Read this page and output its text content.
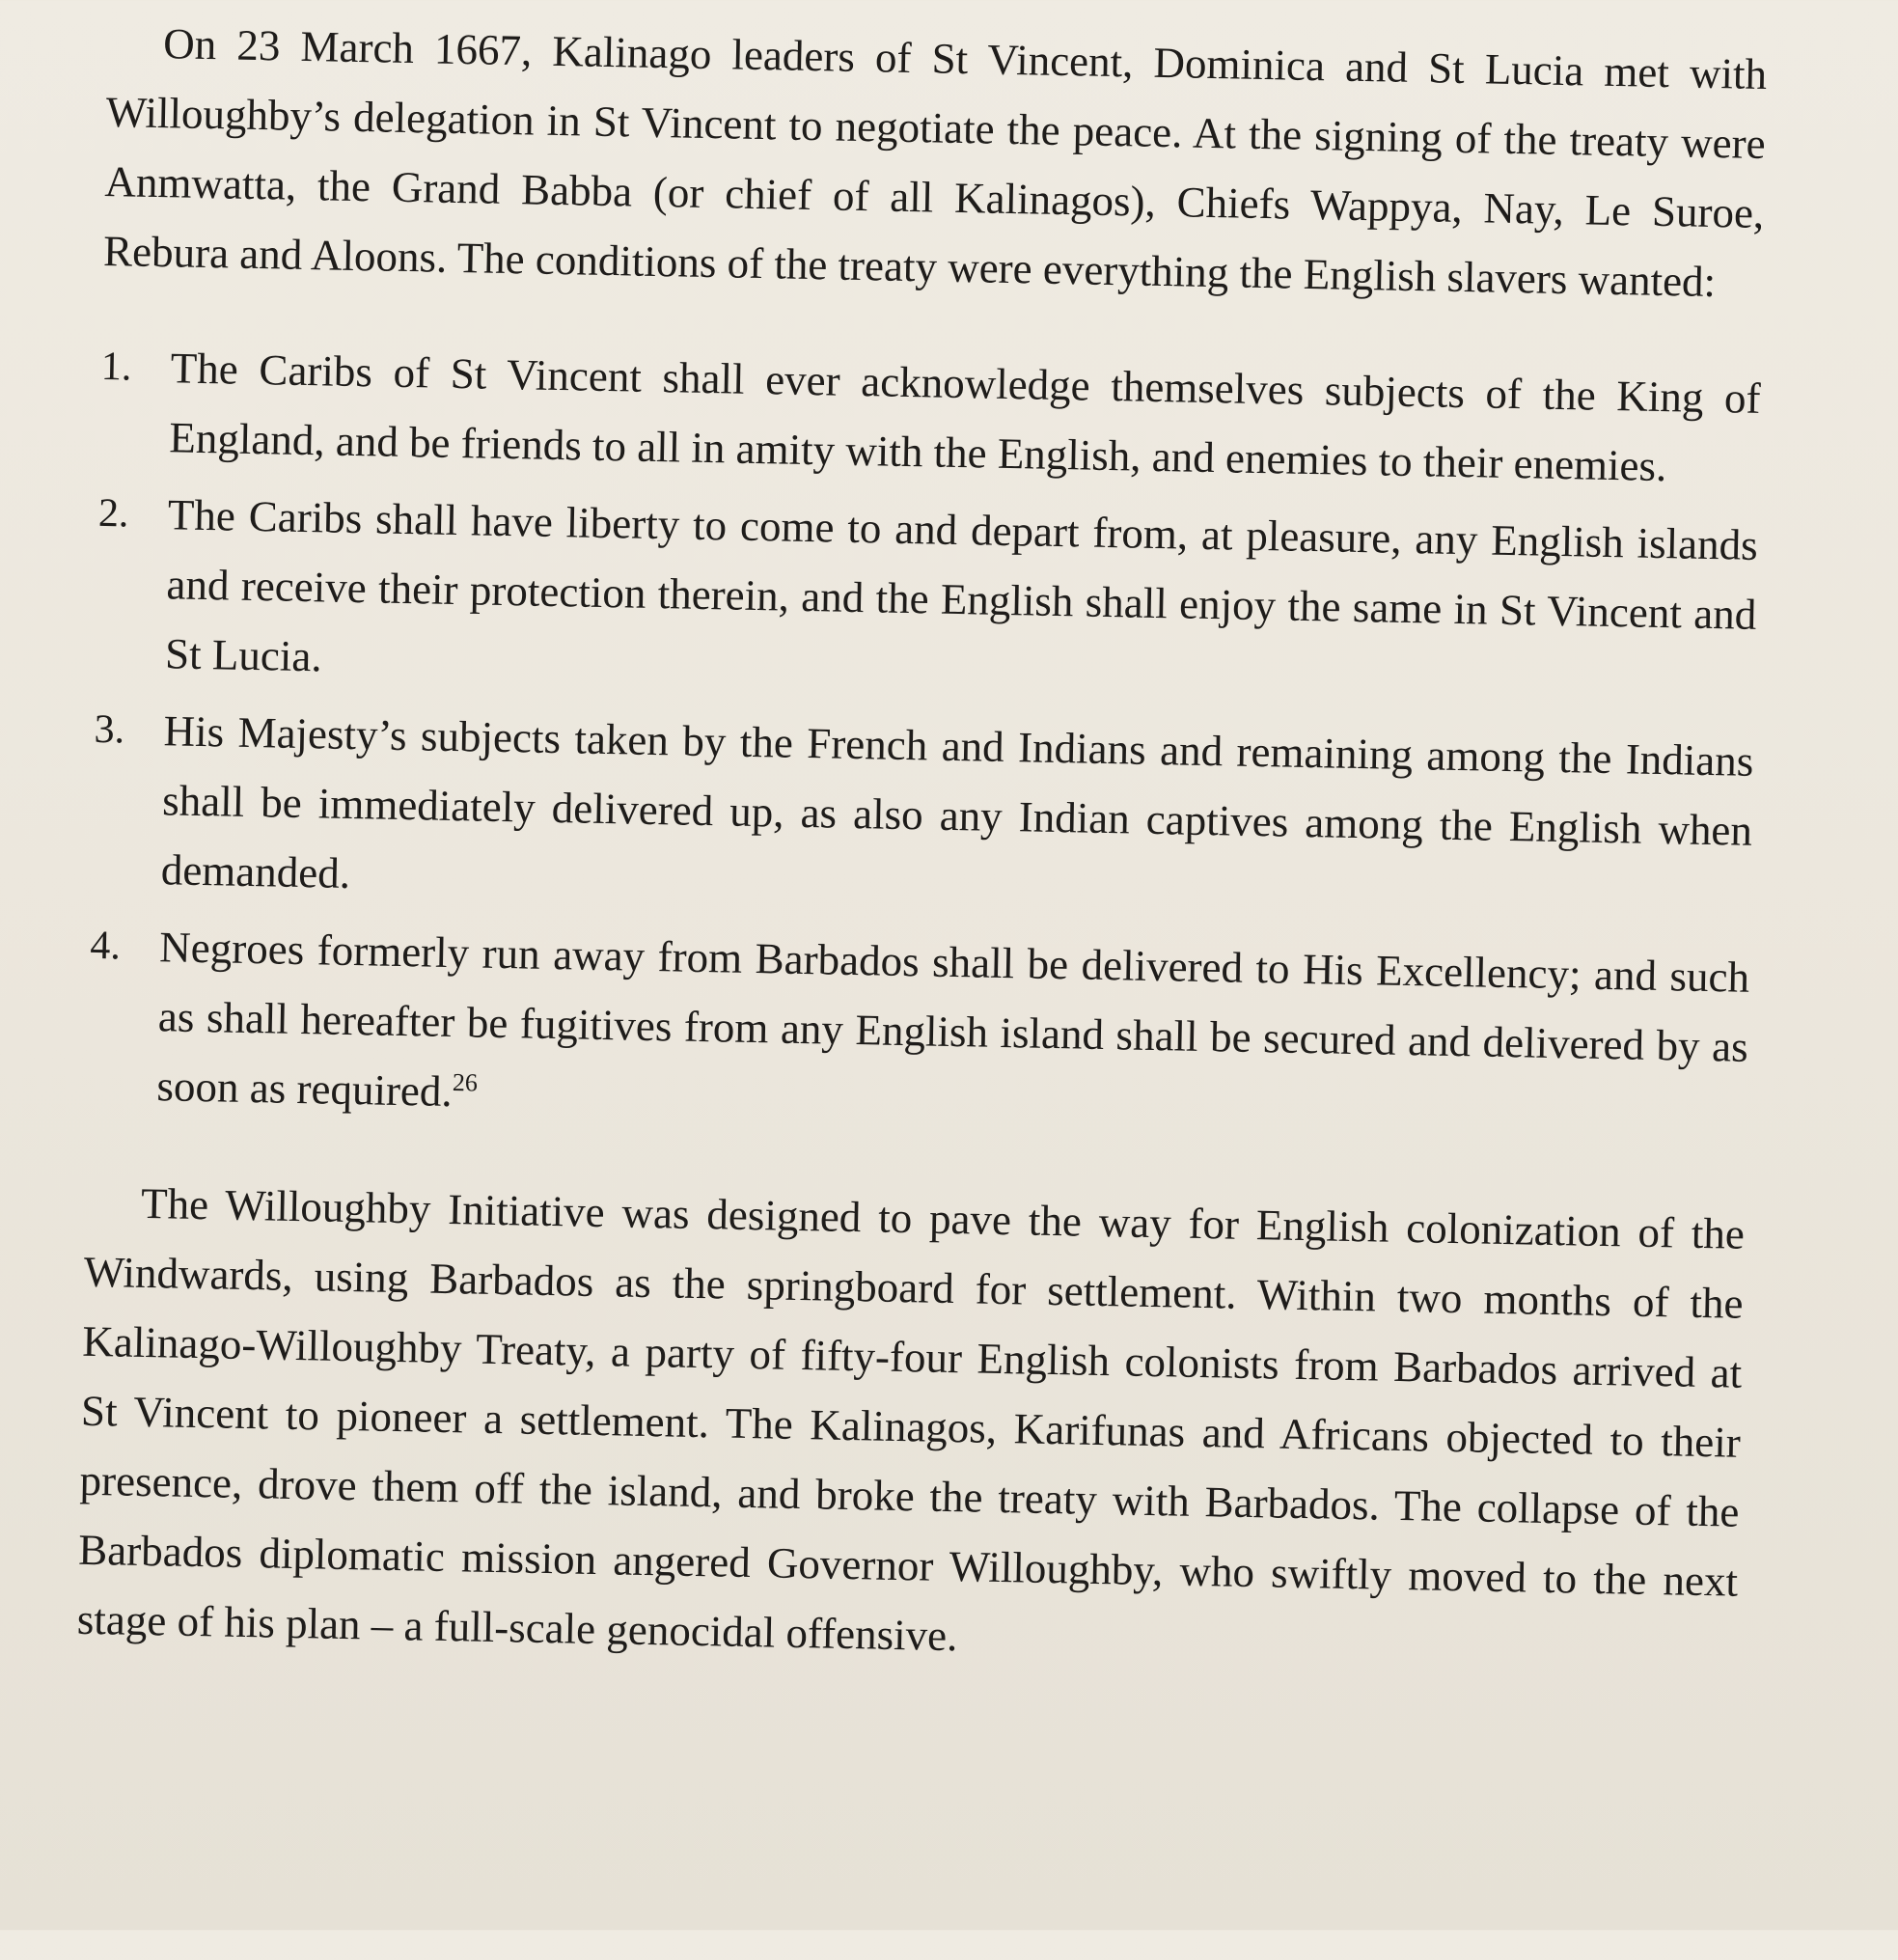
On 23 March 1667, Kalinago leaders of St Vincent, Dominica and St Lucia met with Willoughby’s delegation in St Vincent to negotiate the peace. At the signing of the treaty were Anmwatta, the Grand Babba (or chief of all Kalinagos), Chiefs Wappya, Nay, Le Suroe, Rebura and Aloons. The conditions of the treaty were everything the English slavers wanted:

1. The Caribs of St Vincent shall ever acknowledge themselves subjects of the King of England, and be friends to all in amity with the English, and enemies to their enemies.
2. The Caribs shall have liberty to come to and depart from, at pleasure, any English islands and receive their protection therein, and the English shall enjoy the same in St Vincent and St Lucia.
3. His Majesty’s subjects taken by the French and Indians and remaining among the Indians shall be immediately delivered up, as also any Indian captives among the English when demanded.
4. Negroes formerly run away from Barbados shall be delivered to His Excellency; and such as shall hereafter be fugitives from any English island shall be secured and delivered by as soon as required.$^{26}$

The Willoughby Initiative was designed to pave the way for English colonization of the Windwards, using Barbados as the springboard for settlement. Within two months of the Kalinago-Willoughby Treaty, a party of fifty-four English colonists from Barbados arrived at St Vincent to pioneer a settlement. The Kalinagos, Karifunas and Africans objected to their presence, drove them off the island, and broke the treaty with Barbados. The collapse of the Barbados diplomatic mission angered Governor Willoughby, who swiftly moved to the next stage of his plan – a full-scale genocidal offensive.
